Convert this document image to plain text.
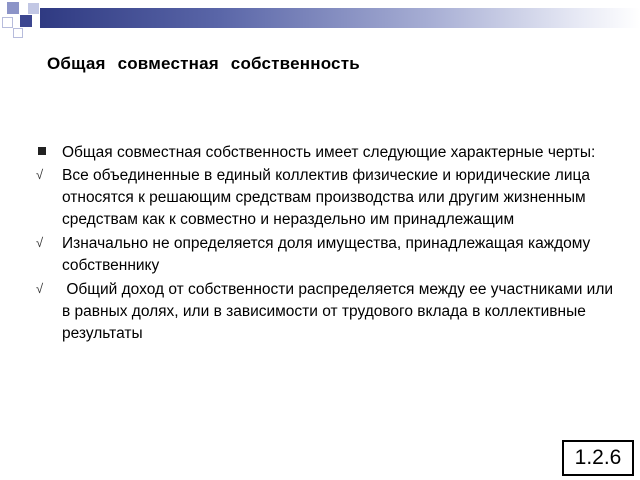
Общая совместная собственность
Общая совместная собственность имеет следующие характерные черты:
√	Все объединенные в единый коллектив физические и юридические лица относятся к решающим средствам производства или другим жизненным средствам как к совместно и нераздельно им принадлежащим
√	Изначально не определяется доля имущества, принадлежащая каждому собственнику
√	Общий доход от собственности распределяется между ее участниками или в равных долях, или в зависимости от трудового вклада в коллективные результаты
1.2.6
